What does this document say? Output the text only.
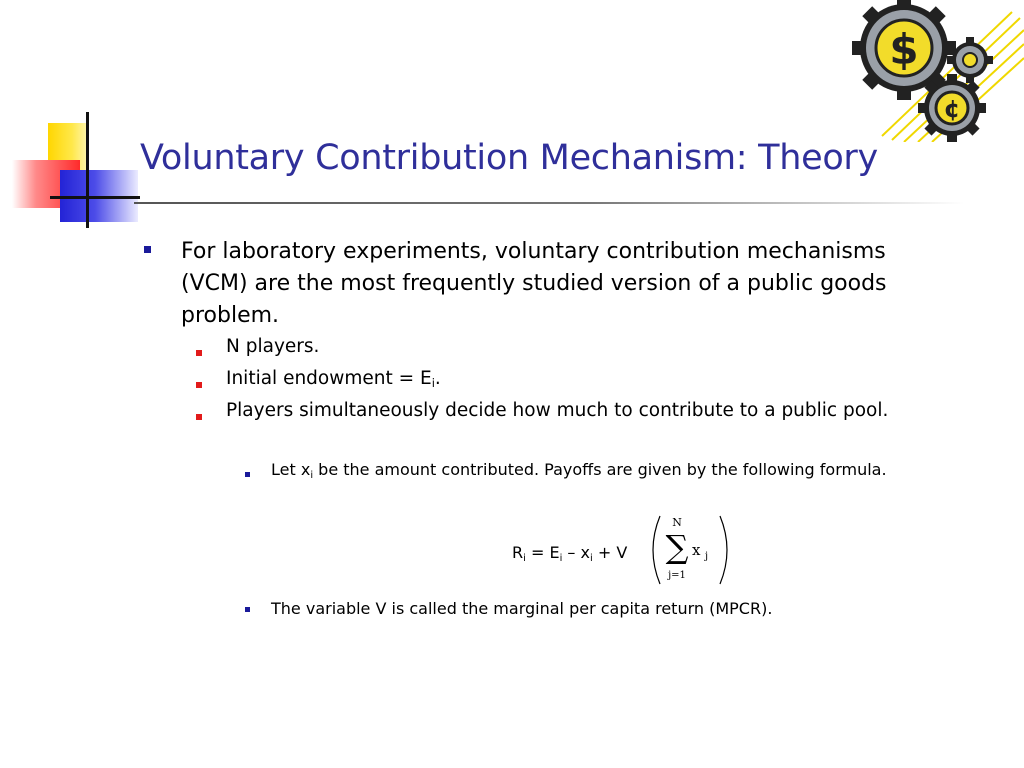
Voluntary Contribution Mechanism: Theory
$
¢
For laboratory experiments, voluntary contribution mechanisms (VCM) are the most frequently studied version of a public goods problem.
N players.
Initial endowment = $E_i$.
Players simultaneously decide how much to contribute to a public pool.
Let $x_i$ be the amount contributed. Payoffs are given by the following formula.
$R_i = E_i - x_i + V$
N
∑
j=1
x j
The variable V is called the marginal per capita return (MPCR).
